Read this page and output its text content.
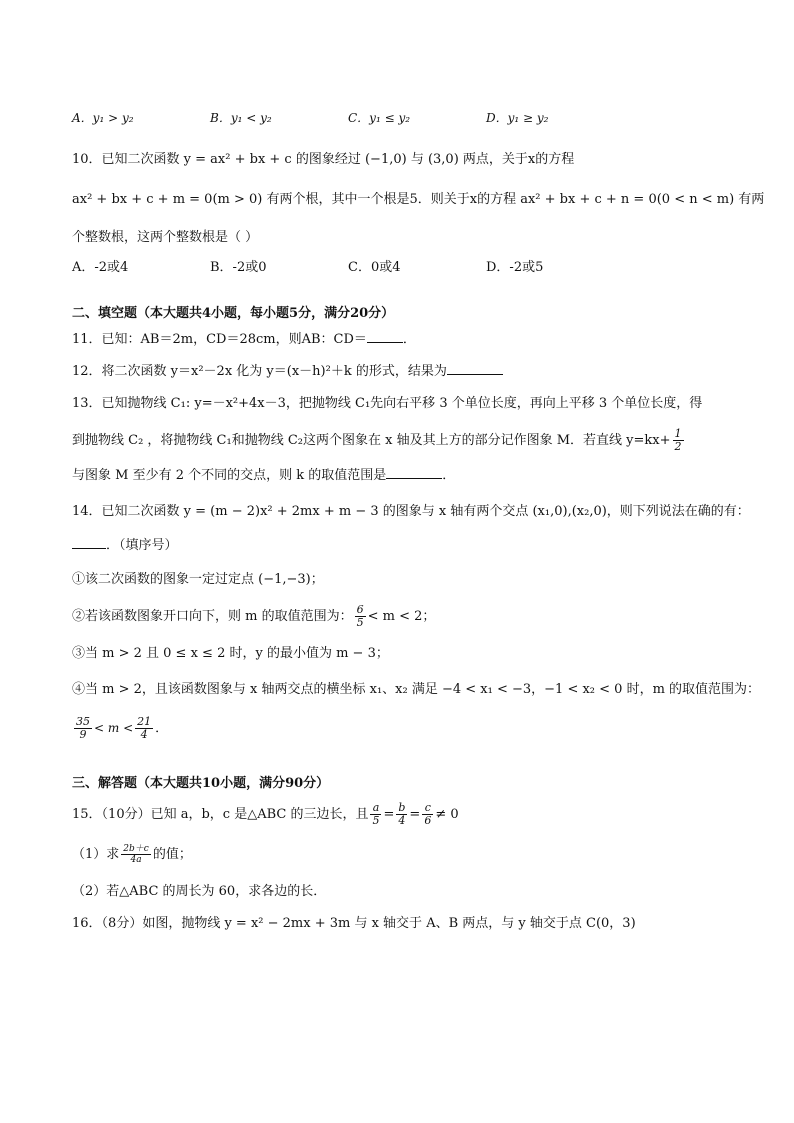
A．y₁ > y₂	B．y₁ < y₂	C．y₁ ≤ y₂	D．y₁ ≥ y₂
10．已知二次函数 y = ax² + bx + c 的图象经过 (−1,0) 与 (3,0) 两点，关于x的方程
ax² + bx + c + m = 0(m > 0) 有两个根，其中一个根是5．则关于x的方程 ax² + bx + c + n = 0(0 < n < m) 有两
个整数根，这两个整数根是（ ）
A．-2或4	B．-2或0	C．0或4	D．-2或5
二、填空题（本大题共4小题，每小题5分，满分20分）
11．已知：AB＝2m，CD＝28cm，则AB：CD＝	．
12．将二次函数 y＝x²－2x 化为 y＝(x－h)²＋k 的形式，结果为
13．已知抛物线 C₁: y=－x²+4x－3，把抛物线 C₁先向右平移 3 个单位长度，再向上平移 3 个单位长度，得
到抛物线 C₂ ，将抛物线 C₁和抛物线 C₂这两个图象在 x 轴及其上方的部分记作图象 M．若直线 $y=kx+ \frac{1}{2}$
与图象 M 至少有 2 个不同的交点，则 k 的取值范围是	．
14．已知二次函数 y = (m − 2)x² + 2mx + m − 3 的图象与 x 轴有两个交点 (x₁,0),(x₂,0)，则下列说法在确的有：
．（填序号）
①该二次函数的图象一定过定点 (−1,−3)；
②若该函数图象开口向下，则 m 的取值范围为： $\frac{6}{5} < m < 2$；
③当 m > 2 且 0 ≤ x ≤ 2 时，y 的最小值为 m − 3；
④当 m > 2，且该函数图象与 x 轴两交点的横坐标 x₁、x₂ 满足 −4 < x₁ < −3，−1 < x₂ < 0 时，m 的取值范围为：
$\frac{35}{9} < m < \frac{21}{4}$ ．
三、解答题（本大题共10小题，满分90分）
15．（10分）已知 a，b，c 是△ABC 的三边长，且 $\frac{a}{5} = \frac{b}{4} = \frac{c}{6} \ne 0$
（1）求 $\frac{2b+c}{4a}$ 的值；
（2）若△ABC 的周长为 60，求各边的长．
16．（8分）如图，抛物线 y = x² − 2mx + 3m 与 x 轴交于 A、B 两点，与 y 轴交于点 C(0，3)
